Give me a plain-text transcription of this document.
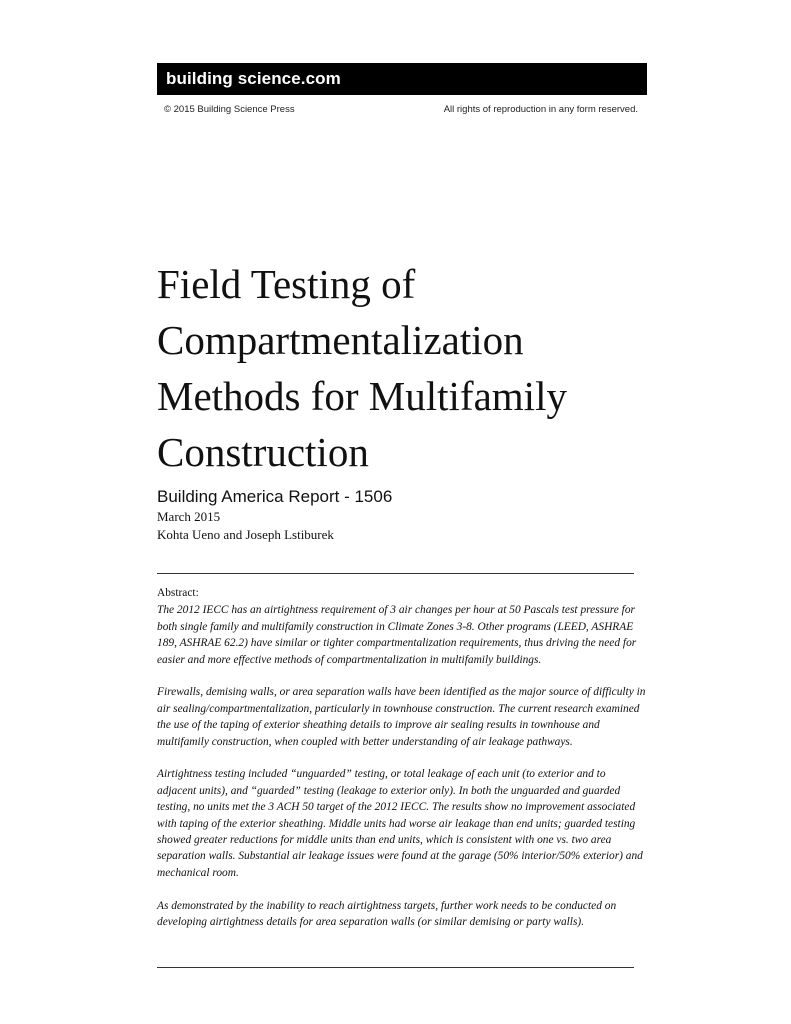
building science.com
© 2015 Building Science Press	All rights of reproduction in any form reserved.
Field Testing of
Compartmentalization
Methods for Multifamily
Construction
Building America Report - 1506
March 2015
Kohta Ueno and Joseph Lstiburek
Abstract:

The 2012 IECC has an airtightness requirement of 3 air changes per hour at 50 Pascals test pressure for both single family and multifamily construction in Climate Zones 3-8. Other programs (LEED, ASHRAE 189, ASHRAE 62.2) have similar or tighter compartmentalization requirements, thus driving the need for easier and more effective methods of compartmentalization in multifamily buildings.

Firewalls, demising walls, or area separation walls have been identified as the major source of difficulty in air sealing/compartmentalization, particularly in townhouse construction. The current research examined the use of the taping of exterior sheathing details to improve air sealing results in townhouse and multifamily construction, when coupled with better understanding of air leakage pathways.

Airtightness testing included “unguarded” testing, or total leakage of each unit (to exterior and to adjacent units), and “guarded” testing (leakage to exterior only). In both the unguarded and guarded testing, no units met the 3 ACH 50 target of the 2012 IECC. The results show no improvement associated with taping of the exterior sheathing. Middle units had worse air leakage than end units; guarded testing showed greater reductions for middle units than end units, which is consistent with one vs. two area separation walls. Substantial air leakage issues were found at the garage (50% interior/50% exterior) and mechanical room.

As demonstrated by the inability to reach airtightness targets, further work needs to be conducted on developing airtightness details for area separation walls (or similar demising or party walls).
